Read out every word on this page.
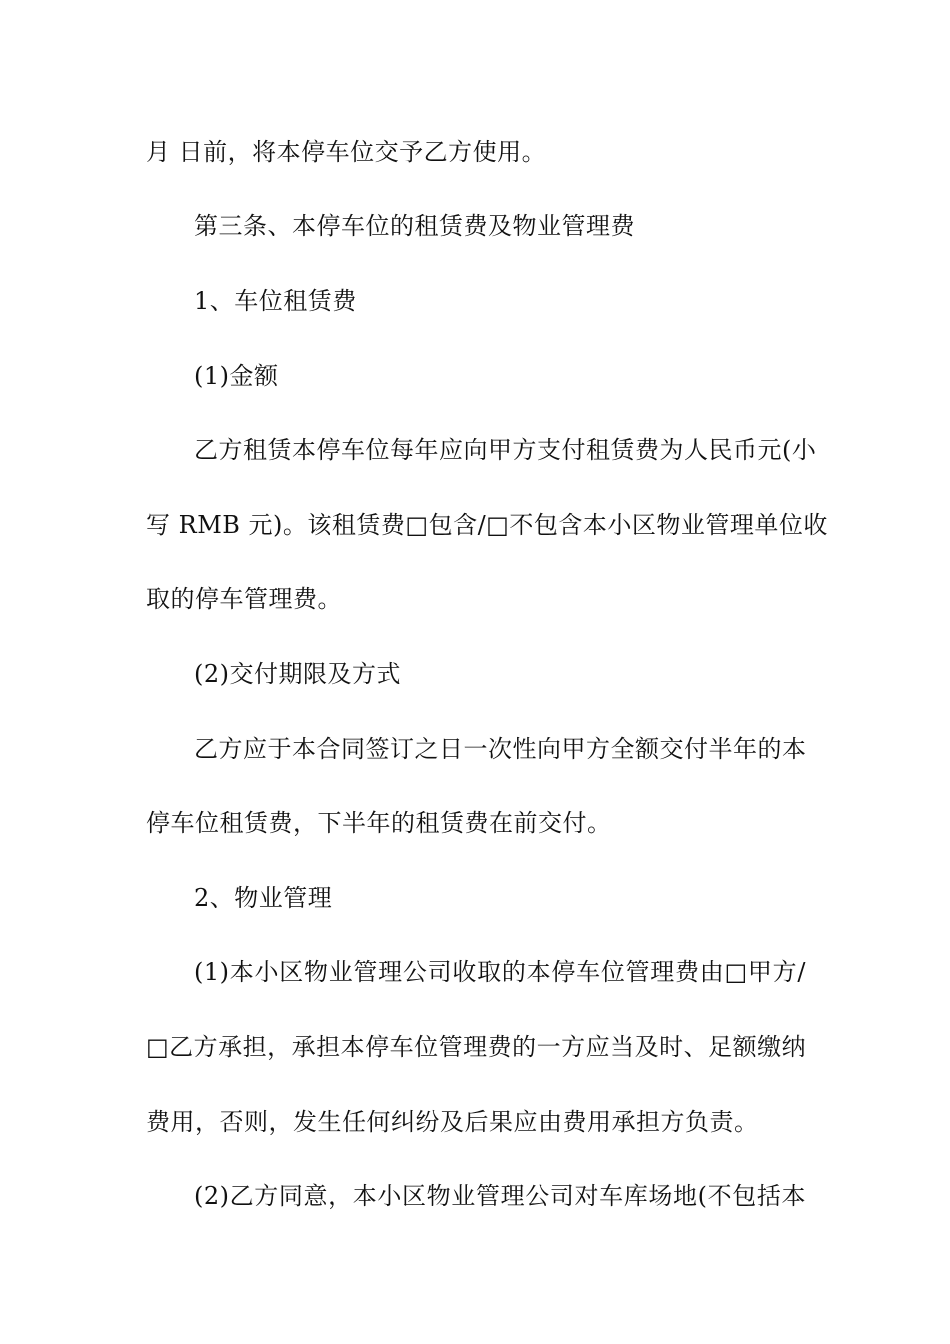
月 日前，将本停车位交予乙方使用。
第三条、本停车位的租赁费及物业管理费
1、车位租赁费
(1)金额
乙方租赁本停车位每年应向甲方支付租赁费为人民币元(小
写 RMB 元)。该租赁费□包含/□不包含本小区物业管理单位收
取的停车管理费。
(2)交付期限及方式
乙方应于本合同签订之日一次性向甲方全额交付半年的本
停车位租赁费，下半年的租赁费在前交付。
2、物业管理
(1)本小区物业管理公司收取的本停车位管理费由□甲方/
□乙方承担，承担本停车位管理费的一方应当及时、足额缴纳
费用，否则，发生任何纠纷及后果应由费用承担方负责。
(2)乙方同意，本小区物业管理公司对车库场地(不包括本
